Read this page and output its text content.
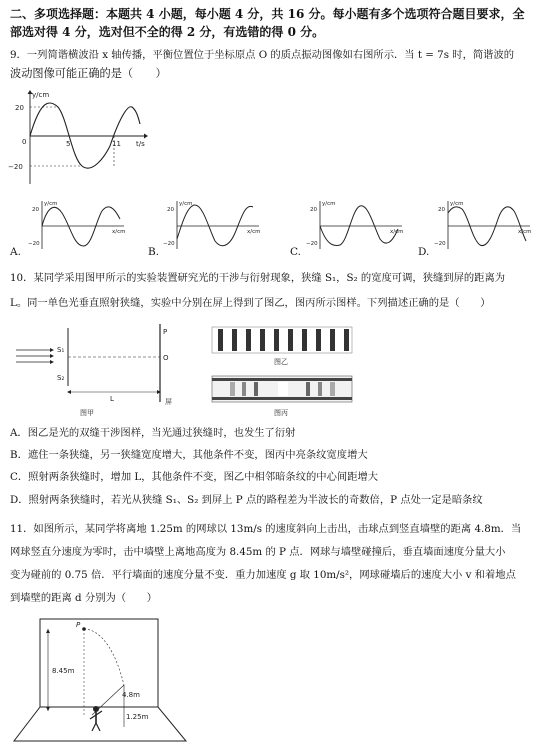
二、多项选择题：本题共 4 小题，每小题 4 分，共 16 分。每小题有多个选项符合题目要求，全
部选对得 4 分，选对但不全的得 2 分，有选错的得 0 分。
9．一列简谐横波沿 x 轴传播，平衡位置位于坐标原点 O 的质点振动图像如右图所示．当 t = 7s 时，简谐波的
波动图像可能正确的是（　　）
y/cm
20
−20
0	5	11 t/s
y/cm
20
−20
x/cm
A.
y/cm
20
−20
x/cm
B.
y/cm
20
−20
x/cm
C.
y/cm
20
−20
x/cm
D.
10．某同学采用图甲所示的实验装置研究光的干涉与衍射现象，狭缝 S₁，S₂ 的宽度可调，狭缝到屏的距离为
L。同一单色光垂直照射狭缝，实验中分别在屏上得到了图乙，图丙所示图样。下列描述正确的是（　　）
S₁
S₂
P
O
L	屏
图甲
图乙
图丙
A．图乙是光的双缝干涉图样，当光通过狭缝时，也发生了衍射
B．遮住一条狭缝，另一狭缝宽度增大，其他条件不变，图丙中亮条纹宽度增大
C．照射两条狭缝时，增加 L，其他条件不变，图乙中相邻暗条纹的中心间距增大
D．照射两条狭缝时，若光从狭缝 S₁、S₂ 到屏上 P 点的路程差为半波长的奇数倍，P 点处一定是暗条纹
11．如图所示，某同学将离地 1.25m 的网球以 13m/s 的速度斜向上击出，击球点到竖直墙壁的距离 4.8m．当
网球竖直分速度为零时，击中墙壁上离地高度为 8.45m 的 P 点．网球与墙壁碰撞后，垂直墙面速度分量大小
变为碰前的 0.75 倍．平行墙面的速度分量不变．重力加速度 g 取 10m/s²，网球碰墙后的速度大小 v 和着地点
到墙壁的距离 d 分别为（　　）
P
8.45m
4.8m
1.25m
